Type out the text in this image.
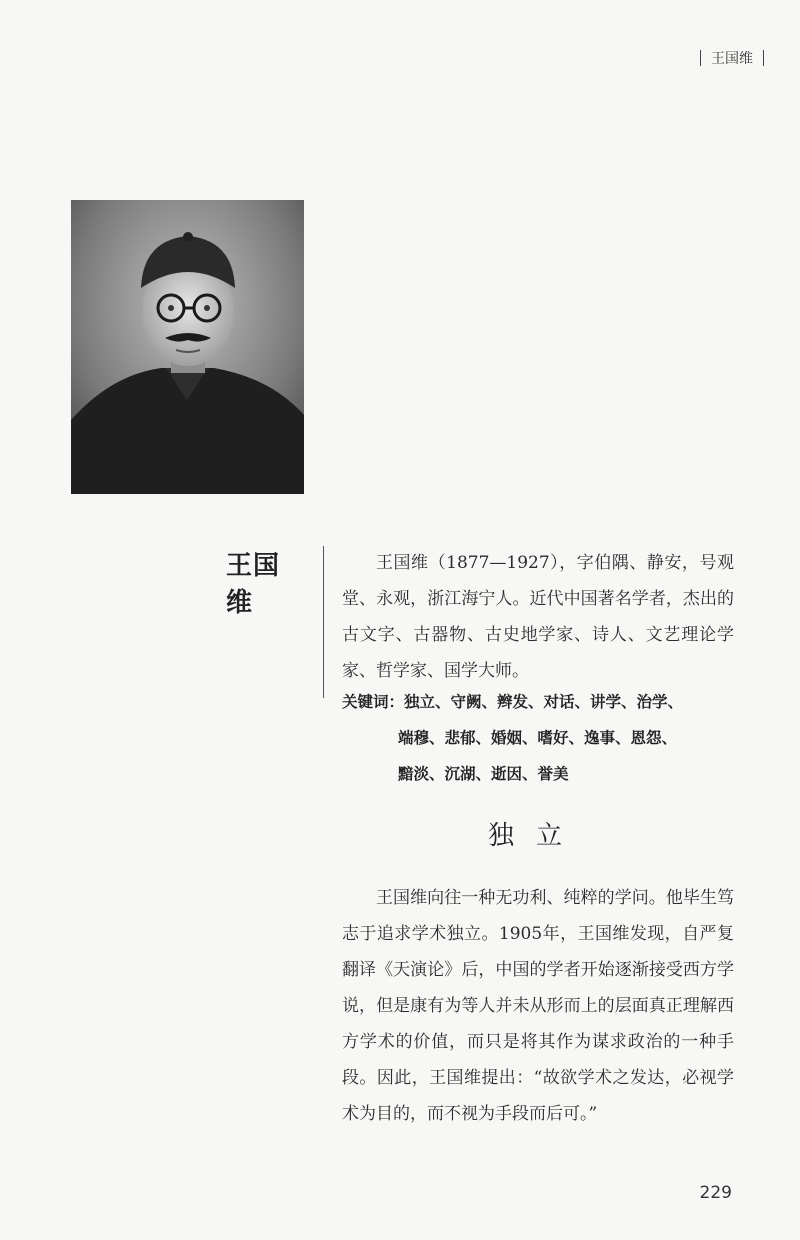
王国维
王国维

王国维（1877—1927），字伯隅、静安，号观堂、永观，浙江海宁人。近代中国著名学者，杰出的古文字、古器物、古史地学家、诗人、文艺理论学家、哲学家、国学大师。

关键词：独立、守阙、辫发、对话、讲学、治学、
端穆、悲郁、婚姻、嗜好、逸事、恩怨、
黯淡、沉湖、逝因、誉美
独立

王国维向往一种无功利、纯粹的学问。他毕生笃志于追求学术独立。1905年，王国维发现，自严复翻译《天演论》后，中国的学者开始逐渐接受西方学说，但是康有为等人并未从形而上的层面真正理解西方学术的价值，而只是将其作为谋求政治的一种手段。因此，王国维提出：“故欲学术之发达，必视学术为目的，而不视为手段而后可。”

229
